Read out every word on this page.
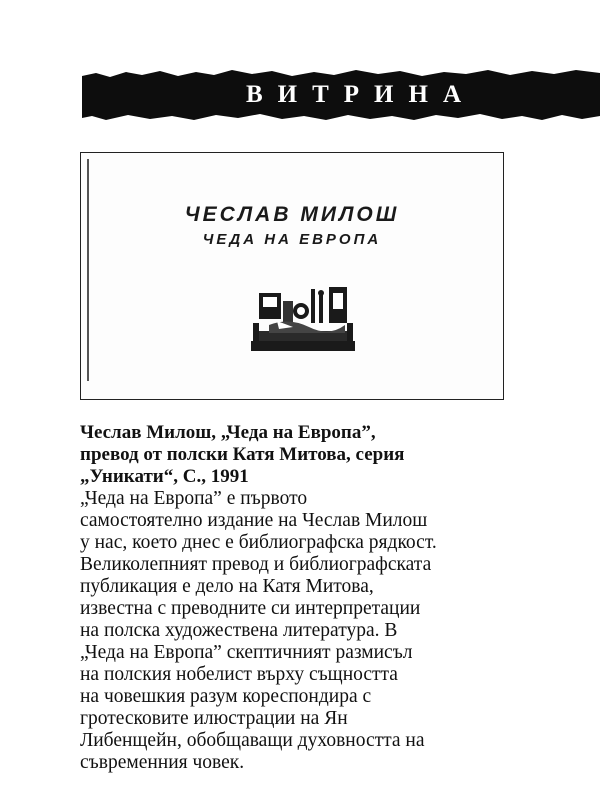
ВИТРИНА
ЧЕСЛАВ МИЛОШ
ЧЕДА НА ЕВРОПА
Чеслав Милош, „Чеда на Европа”,
превод от полски Катя Митова, серия
„Уникати“, С., 1991
„Чеда на Европа” е първото
самостоятелно издание на Чеслав Милош
у нас, което днес е библиографска рядкост.
Великолепният превод и библиографската
публикация е дело на Катя Митова,
известна с преводните си интерпретации
на полска художествена литература. В
„Чеда на Европа” скептичният размисъл
на полския нобелист върху същността
на човешкия разум кореспондира с
гротесковите илюстрации на Ян
Либенщейн, обобщаващи духовността на
съвременния човек.
